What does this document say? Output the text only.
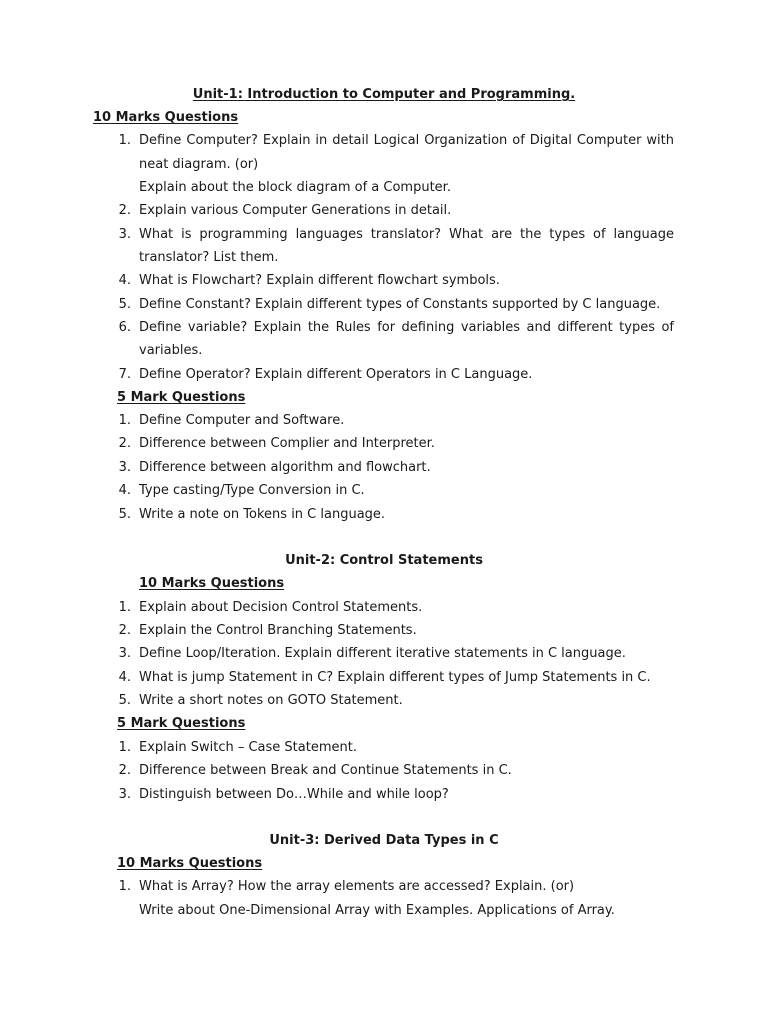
Unit-1: Introduction to Computer and Programming.
10 Marks Questions
1. Define Computer? Explain in detail Logical Organization of Digital Computer with
neat diagram. (or)
Explain about the block diagram of a Computer.
2. Explain various Computer Generations in detail.
3. What is programming languages translator? What are the types of language
translator? List them.
4. What is Flowchart? Explain different flowchart symbols.
5. Define Constant? Explain different types of Constants supported by C language.
6. Define variable? Explain the Rules for defining variables and different types of
variables.
7. Define Operator? Explain different Operators in C Language.
5 Mark Questions
1. Define Computer and Software.
2. Difference between Complier and Interpreter.
3. Difference between algorithm and flowchart.
4. Type casting/Type Conversion in C.
5. Write a note on Tokens in C language.
Unit-2: Control Statements
10 Marks Questions
1. Explain about Decision Control Statements.
2. Explain the Control Branching Statements.
3. Define Loop/Iteration. Explain different iterative statements in C language.
4. What is jump Statement in C? Explain different types of Jump Statements in C.
5. Write a short notes on GOTO Statement.
5 Mark Questions
1. Explain Switch – Case Statement.
2. Difference between Break and Continue Statements in C.
3. Distinguish between Do…While and while loop?
Unit-3: Derived Data Types in C
10 Marks Questions
1. What is Array? How the array elements are accessed? Explain. (or)
Write about One-Dimensional Array with Examples. Applications of Array.
